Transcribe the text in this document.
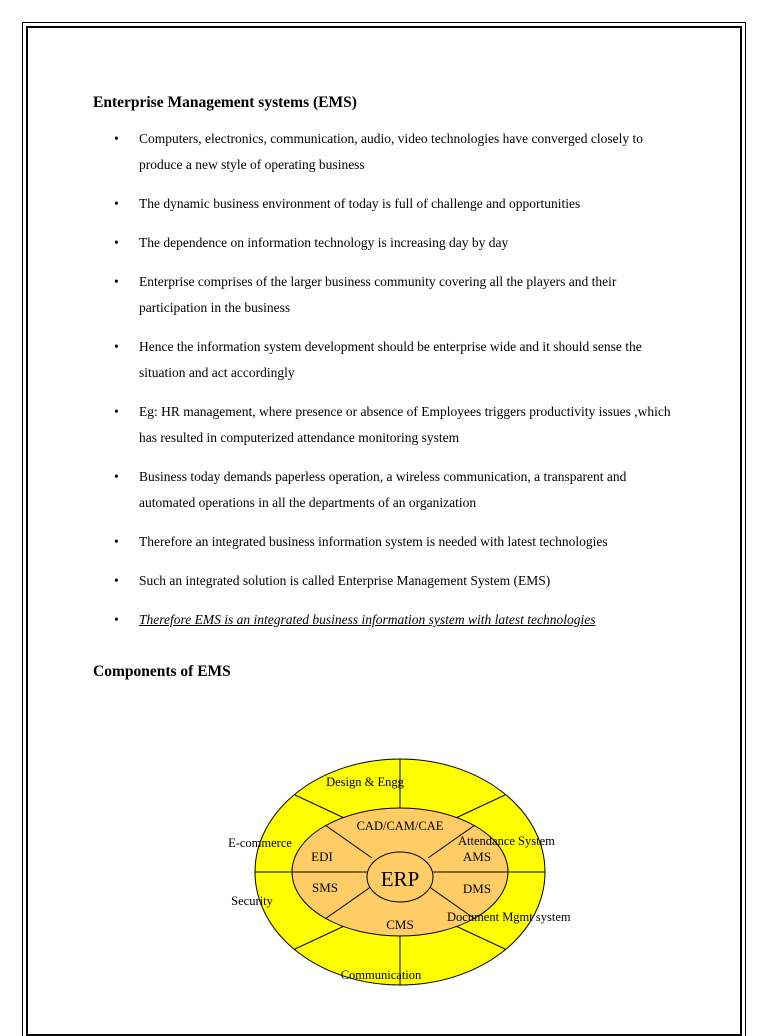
Enterprise Management systems (EMS)
• Computers, electronics, communication, audio, video technologies have converged closely to produce a new style of operating business
• The dynamic business environment of today is full of challenge and opportunities
• The dependence on information technology is increasing day by day
• Enterprise comprises of the larger business community covering all the players and their participation in the business
• Hence the information system development should be enterprise wide and it should sense the situation and act accordingly
• Eg: HR management, where presence or absence of Employees triggers productivity issues ,which has resulted in computerized attendance monitoring system
• Business today demands paperless operation, a wireless communication, a transparent and automated operations in all the departments of an organization
• Therefore an integrated business information system is needed with latest technologies
• Such an integrated solution is called Enterprise Management System (EMS)
• Therefore EMS is an integrated business information system with latest technologies
Components of EMS
ERP
CAD/CAM/CAE
EDI	AMS
SMS	DMS
CMS
Design & Engg
E-commerce	Attendance System
Security
Document Mgmt system
Communication
